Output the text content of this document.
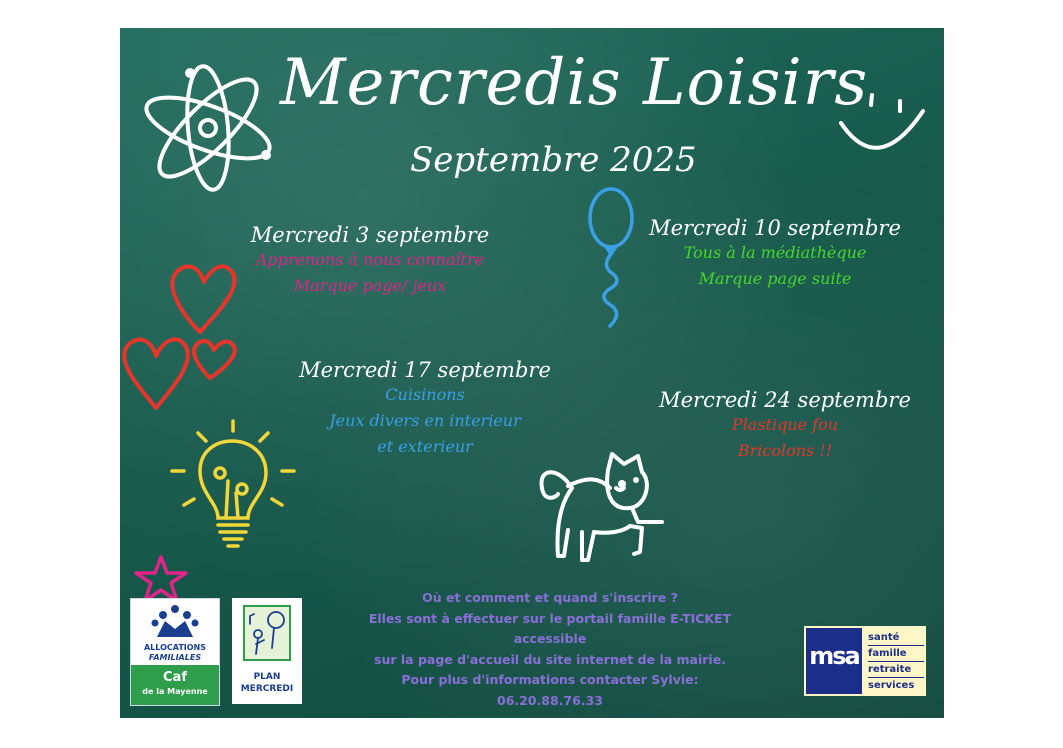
Mercredis Loisirs
Septembre 2025
Mercredi 3 septembre
Apprenons à nous connaître
Marque page/ jeux
Mercredi 10 septembre
Tous à la médiathèque
Marque page suite
Mercredi 17 septembre
Cuisinons
Jeux divers en interieur
et exterieur
Mercredi 24 septembre
Plastique fou
Bricolons !!
Où et comment et quand s'inscrire ?
Elles sont à effectuer sur le portail famille E-TICKET
accessible
sur la page d'accueil du site internet de la mairie.
Pour plus d'informations contacter Sylvie:
06.20.88.76.33
ALLOCATIONS
FAMILIALES
Caf
de la Mayenne
PLAN
MERCREDI
msa
santé
famille
retraite
services
